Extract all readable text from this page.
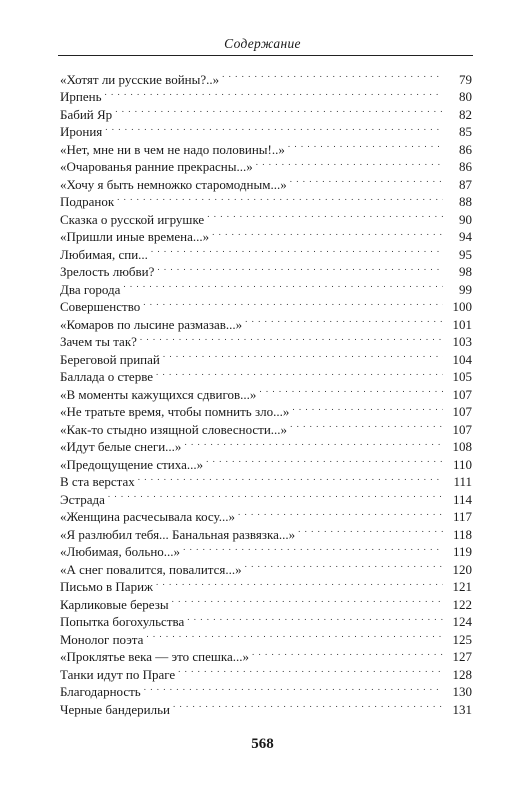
Содержание
«Хотят ли русские войны?..» . . .	79
Ирпень . . .	80
Бабий Яр . . .	82
Ирония . . .	85
«Нет, мне ни в чем не надо половины!..» . . .	86
«Очарованья ранние прекрасны...» . . .	86
«Хочу я быть немножко старомодным...» . . .	87
Подранок . . .	88
Сказка о русской игрушке . . .	90
«Пришли иные времена...» . . .	94
Любимая, спи... . . .	95
Зрелость любви? . . .	98
Два города . . .	99
Совершенство . . .	100
«Комаров по лысине размазав...» . . .	101
Зачем ты так? . . .	103
Береговой припай . . .	104
Баллада о стерве . . .	105
«В моменты кажущихся сдвигов...» . . .	107
«Не тратьте время, чтобы помнить зло...» . . .	107
«Как-то стыдно изящной словесности...» . . .	107
«Идут белые снеги...» . . .	108
«Предощущение стиха...» . . .	110
В ста верстах . . .	111
Эстрада . . .	114
«Женщина расчесывала косу...» . . .	117
«Я разлюбил тебя... Банальная развязка...» . . .	118
«Любимая, больно...» . . .	119
«А снег повалится, повалится...» . . .	120
Письмо в Париж . . .	121
Карликовые березы . . .	122
Попытка богохульства . . .	124
Монолог поэта . . .	125
«Проклятье века — это спешка...» . . .	127
Танки идут по Праге . . .	128
Благодарность . . .	130
Черные бандерильи . . .	131
568
